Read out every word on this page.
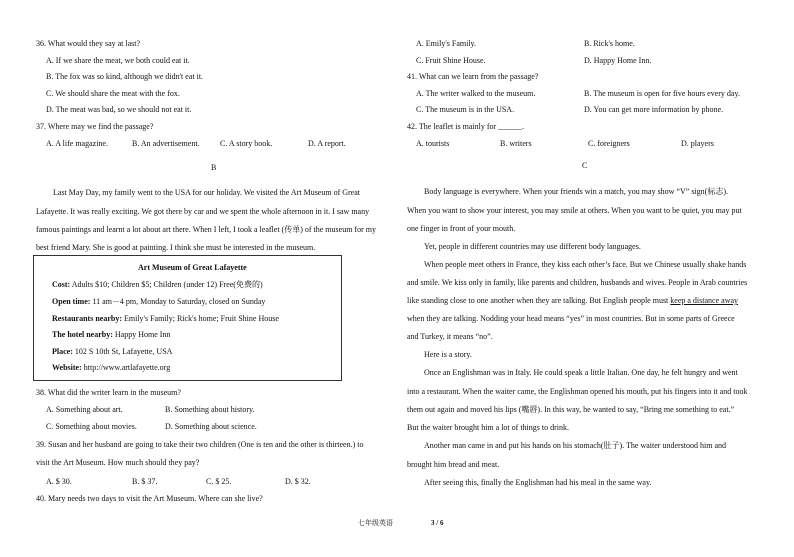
36. What would they say at last?
A. If we share the meat, we both could eat it.
B. The fox was so kind, although we didn't eat it.
C. We should share the meat with the fox.
D. The meat was bad, so we should not eat it.
37. Where may we find the passage?
A. A life magazine.	B. An advertisement.	C. A story book.	D. A report.
B
Last May Day, my family went to the USA for our holiday. We visited the Art Museum of Great
Lafayette. It was really exciting. We got there by car and we spent the whole afternoon in it. I saw many
famous paintings and learnt a lot about art there. When I left, I took a leaflet (传单) of the museum for my
best friend Mary. She is good at painting. I think she must be interested in the museum.
Art Museum of Great Lafayette
Cost: Adults $10; Children $5; Children (under 12) Free(免费的)
Open time: 11 am－4 pm, Monday to Saturday, closed on Sunday
Restaurants nearby: Emily's Family; Rick's home; Fruit Shine House
The hotel nearby: Happy Home Inn
Place: 102 S 10th St, Lafayette, USA
Website: http://www.artlafayette.org
38. What did the writer learn in the museum?
A. Something about art.	B. Something about history.
C. Something about movies.	D. Something about science.
39. Susan and her husband are going to take their two children (One is ten and the other is thirteen.) to
visit the Art Museum. How much should they pay?
A. $ 30.	B. $ 37.	C. $ 25.	D. $ 32.
40. Mary needs two days to visit the Art Museum. Where can she live?
A. Emily's Family.	B. Rick's home.
C. Fruit Shine House.	D. Happy Home Inn.
41. What can we learn from the passage?
A. The writer walked to the museum.	B. The museum is open for five hours every day.
C. The museum is in the USA.	D. You can get more information by phone.
42. The leaflet is mainly for ______.
A. tourists	B. writers	C. foreigners	D. players
C
Body language is everywhere. When your friends win a match, you may show “V” sign(标志).
When you want to show your interest, you may smile at others. When you want to be quiet, you may put
one finger in front of your mouth.
Yet, people in different countries may use different body languages.
When people meet others in France, they kiss each other’s face. But we Chinese usually shake hands
and smile. We kiss only in family, like parents and children, husbands and wives. People in Arab countries
like standing close to one another when they are talking. But English people must keep a distance away
when they are talking. Nodding your head means “yes” in most countries. But in some parts of Greece
and Turkey, it means “no”.
Here is a story.
Once an Englishman was in Italy. He could speak a little Italian. One day, he felt hungry and went
into a restaurant. When the waiter came, the Englishman opened his mouth, put his fingers into it and took
them out again and moved his lips (嘴唇). In this way, he wanted to say, “Bring me something to eat.”
But the waiter brought him a lot of things to drink.
Another man came in and put his hands on his stomach(肚子). The waiter understood him and
brought him bread and meat.
After seeing this, finally the Englishman had his meal in the same way.
七年级英语	3 / 6
